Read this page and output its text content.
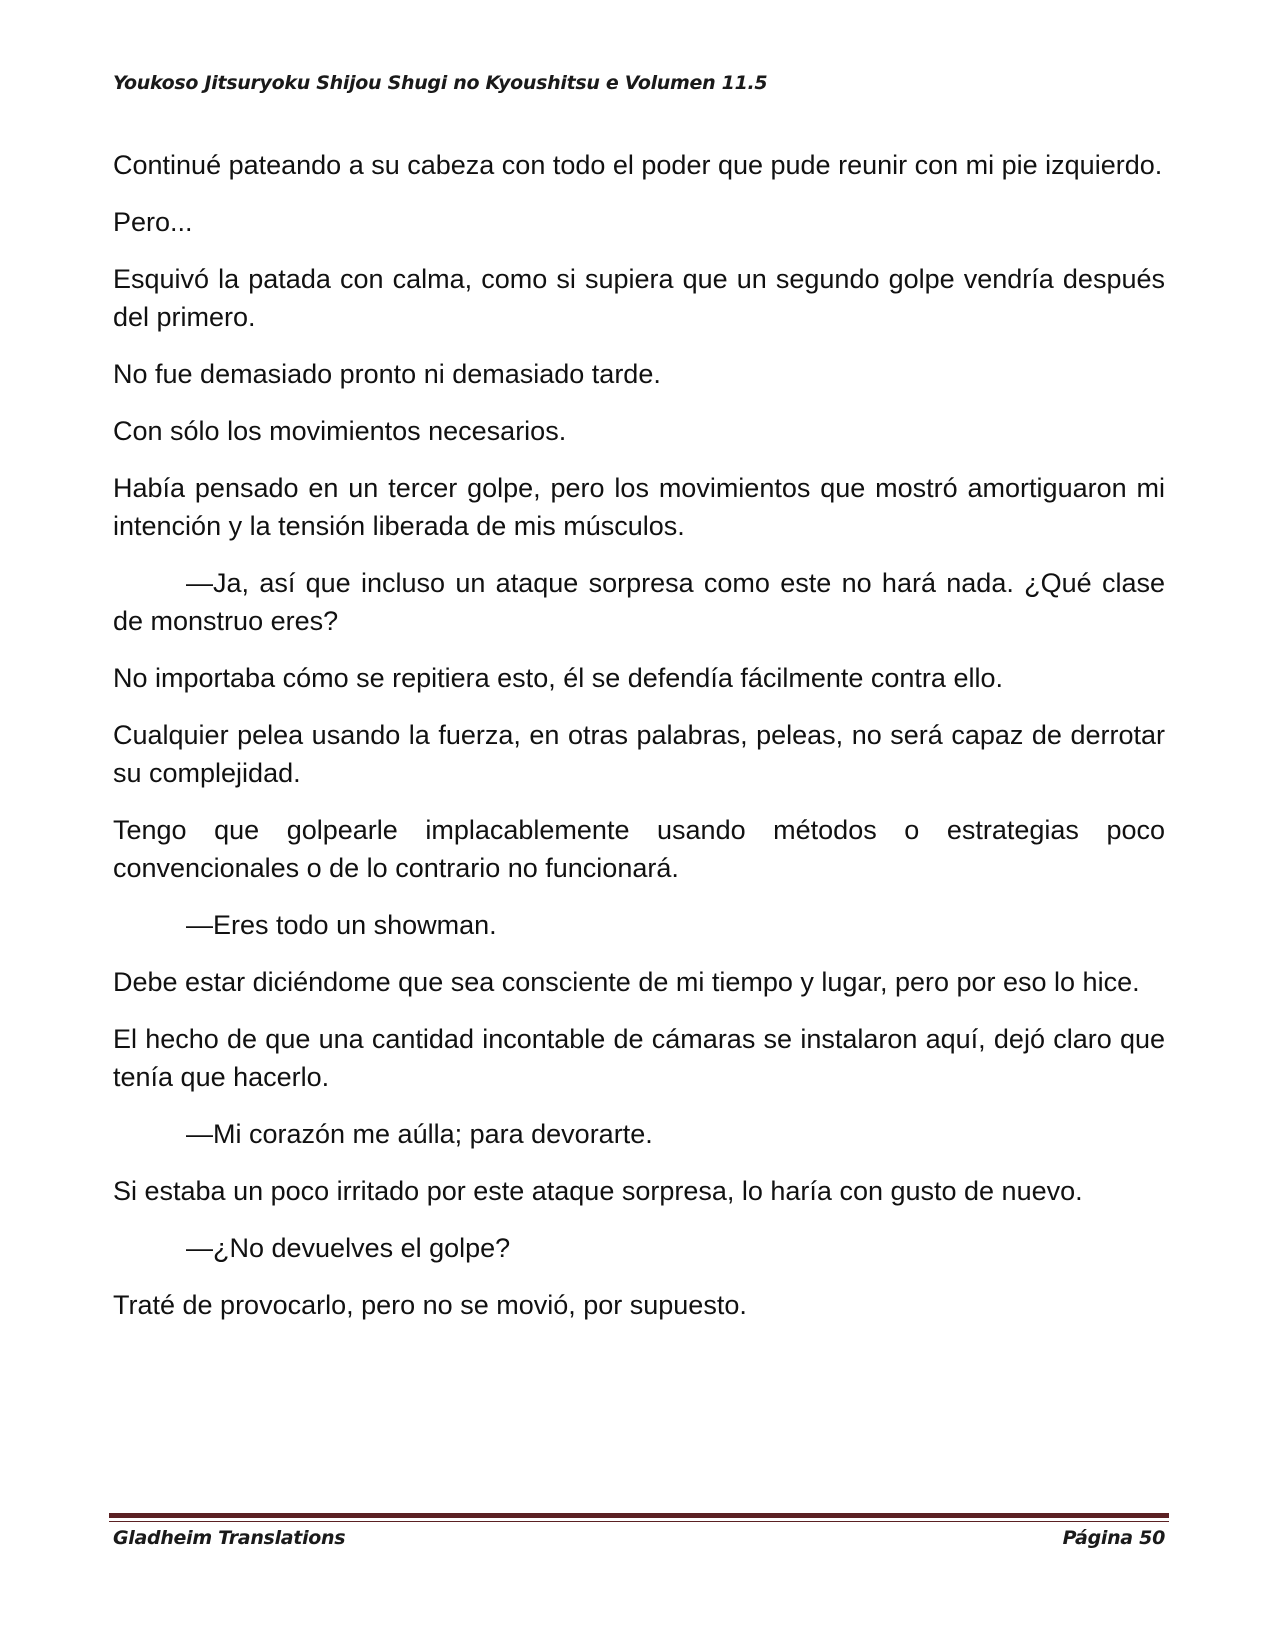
Youkoso Jitsuryoku Shijou Shugi no Kyoushitsu e Volumen 11.5

Continué pateando a su cabeza con todo el poder que pude reunir con mi pie izquierdo.

Pero...

Esquivó la patada con calma, como si supiera que un segundo golpe vendría después del primero.

No fue demasiado pronto ni demasiado tarde.

Con sólo los movimientos necesarios.

Había pensado en un tercer golpe, pero los movimientos que mostró amortiguaron mi intención y la tensión liberada de mis músculos.

—Ja, así que incluso un ataque sorpresa como este no hará nada. ¿Qué clase de monstruo eres?

No importaba cómo se repitiera esto, él se defendía fácilmente contra ello.

Cualquier pelea usando la fuerza, en otras palabras, peleas, no será capaz de derrotar su complejidad.

Tengo que golpearle implacablemente usando métodos o estrategias poco convencionales o de lo contrario no funcionará.

—Eres todo un showman.

Debe estar diciéndome que sea consciente de mi tiempo y lugar, pero por eso lo hice.

El hecho de que una cantidad incontable de cámaras se instalaron aquí, dejó claro que tenía que hacerlo.

—Mi corazón me aúlla; para devorarte.

Si estaba un poco irritado por este ataque sorpresa, lo haría con gusto de nuevo.

—¿No devuelves el golpe?

Traté de provocarlo, pero no se movió, por supuesto.

Gladheim Translations	Página 50
